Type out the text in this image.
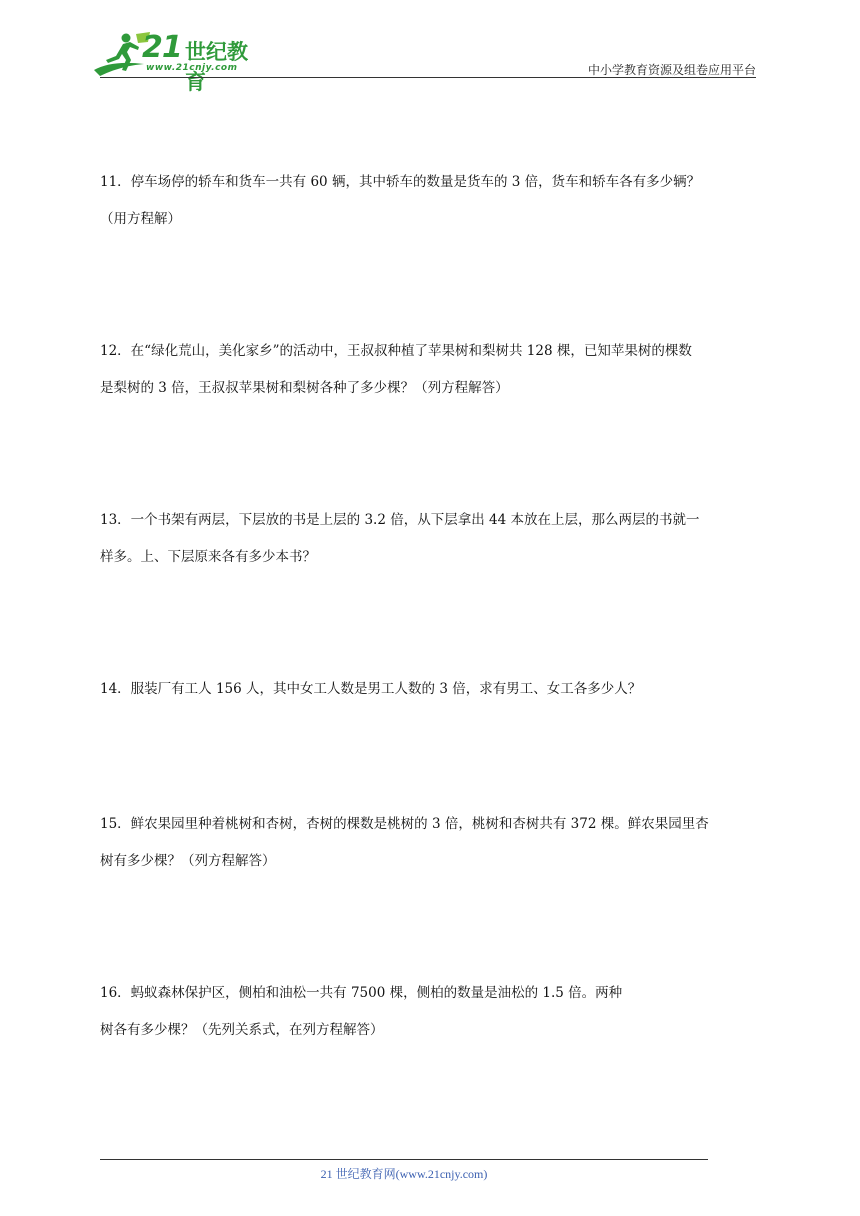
21 世纪教育
www.21cnjy.com	中小学教育资源及组卷应用平台

11．停车场停的轿车和货车一共有 60 辆，其中轿车的数量是货车的 3 倍，货车和轿车各有多少辆？

（用方程解）

12．在“绿化荒山，美化家乡”的活动中，王叔叔种植了苹果树和梨树共 128 棵，已知苹果树的棵数

是梨树的 3 倍，王叔叔苹果树和梨树各种了多少棵？（列方程解答）

13．一个书架有两层，下层放的书是上层的 3.2 倍，从下层拿出 44 本放在上层，那么两层的书就一

样多。上、下层原来各有多少本书？

14．服装厂有工人 156 人，其中女工人数是男工人数的 3 倍，求有男工、女工各多少人？

15．鲜农果园里种着桃树和杏树，杏树的棵数是桃树的 3 倍，桃树和杏树共有 372 棵。鲜农果园里杏

树有多少棵？（列方程解答）

16．蚂蚁森林保护区，侧柏和油松一共有 7500 棵，侧柏的数量是油松的 1.5 倍。两种

树各有多少棵？（先列关系式，在列方程解答）

21 世纪教育网(www.21cnjy.com)
